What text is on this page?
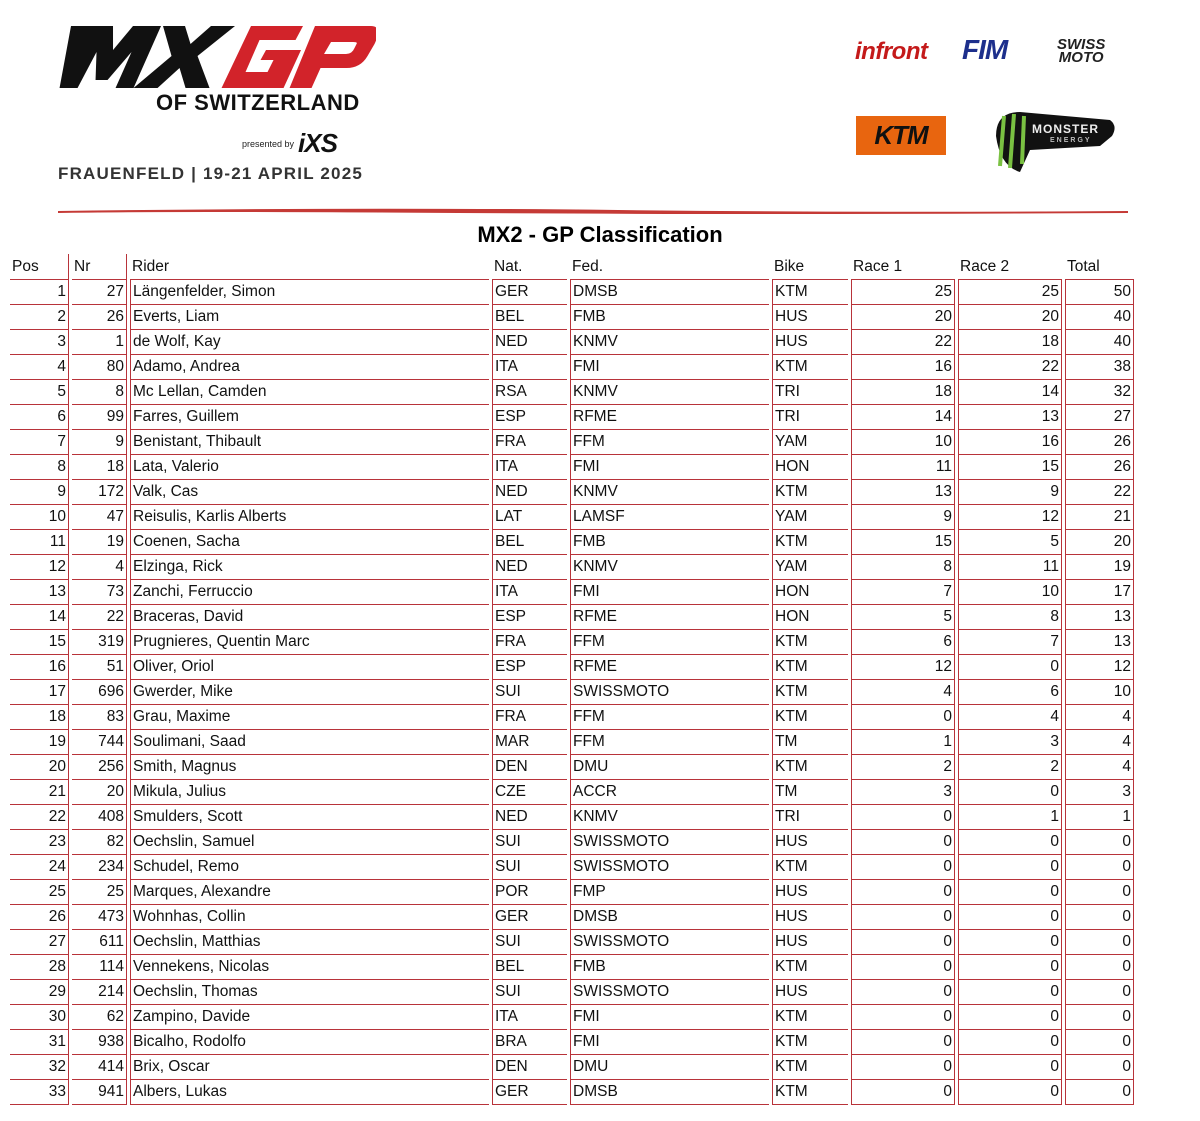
OF SWITZERLAND
presented by iXS
FRAUENFELD | 19-21 APRIL 2025
infront FIM	SWISS
MOTO
KTM	MONSTER
ENERGY
MX2 - GP Classification
Pos	Nr	Rider	Nat.	Fed.	Bike	Race 1	Race 2	Total
1	27	Längenfelder, Simon	GER	DMSB	KTM	25	25	50
2	26	Everts, Liam	BEL	FMB	HUS	20	20	40
3	1	de Wolf, Kay	NED	KNMV	HUS	22	18	40
4	80	Adamo, Andrea	ITA	FMI	KTM	16	22	38
5	8	Mc Lellan, Camden	RSA	KNMV	TRI	18	14	32
6	99	Farres, Guillem	ESP	RFME	TRI	14	13	27
7	9	Benistant, Thibault	FRA	FFM	YAM	10	16	26
8	18	Lata, Valerio	ITA	FMI	HON	11	15	26
9	172	Valk, Cas	NED	KNMV	KTM	13	9	22
10	47	Reisulis, Karlis Alberts	LAT	LAMSF	YAM	9	12	21
11	19	Coenen, Sacha	BEL	FMB	KTM	15	5	20
12	4	Elzinga, Rick	NED	KNMV	YAM	8	11	19
13	73	Zanchi, Ferruccio	ITA	FMI	HON	7	10	17
14	22	Braceras, David	ESP	RFME	HON	5	8	13
15	319	Prugnieres, Quentin Marc	FRA	FFM	KTM	6	7	13
16	51	Oliver, Oriol	ESP	RFME	KTM	12	0	12
17	696	Gwerder, Mike	SUI	SWISSMOTO	KTM	4	6	10
18	83	Grau, Maxime	FRA	FFM	KTM	0	4	4
19	744	Soulimani, Saad	MAR	FFM	TM	1	3	4
20	256	Smith, Magnus	DEN	DMU	KTM	2	2	4
21	20	Mikula, Julius	CZE	ACCR	TM	3	0	3
22	408	Smulders, Scott	NED	KNMV	TRI	0	1	1
23	82	Oechslin, Samuel	SUI	SWISSMOTO	HUS	0	0	0
24	234	Schudel, Remo	SUI	SWISSMOTO	KTM	0	0	0
25	25	Marques, Alexandre	POR	FMP	HUS	0	0	0
26	473	Wohnhas, Collin	GER	DMSB	HUS	0	0	0
27	611	Oechslin, Matthias	SUI	SWISSMOTO	HUS	0	0	0
28	114	Vennekens, Nicolas	BEL	FMB	KTM	0	0	0
29	214	Oechslin, Thomas	SUI	SWISSMOTO	HUS	0	0	0
30	62	Zampino, Davide	ITA	FMI	KTM	0	0	0
31	938	Bicalho, Rodolfo	BRA	FMI	KTM	0	0	0
32	414	Brix, Oscar	DEN	DMU	KTM	0	0	0
33	941	Albers, Lukas	GER	DMSB	KTM	0	0	0
